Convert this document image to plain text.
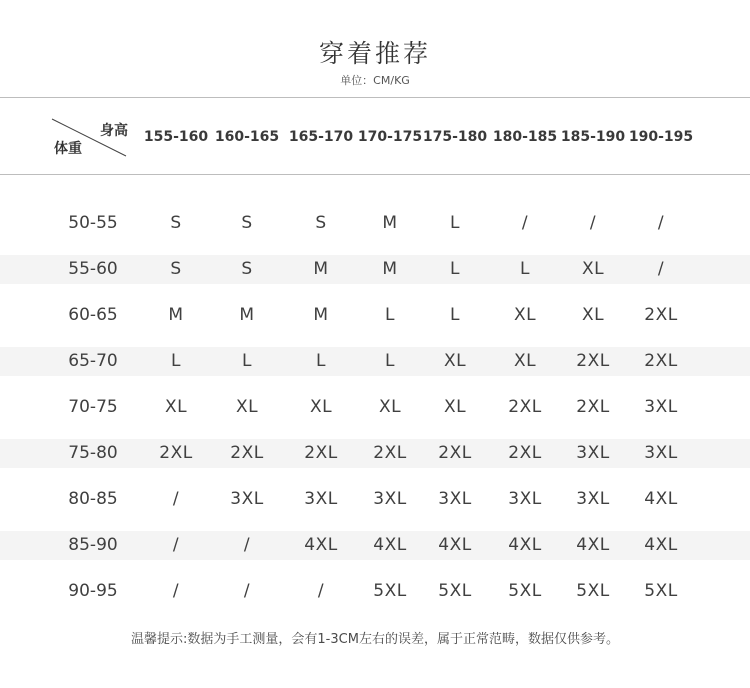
穿着推荐
单位：CM/KG
身高
体重
155-160 160-165 165-170 170-175 175-180 180-185 185-190 190-195
50-55	S	S	S	M	L	/	/	/
55-60	S	S	M	M	L	L	XL	/
60-65	M	M	M	L	L	XL	XL	2XL
65-70	L	L	L	L	XL	XL	2XL	2XL
70-75	XL	XL	XL	XL	XL	2XL	2XL	3XL
75-80	2XL	2XL	2XL	2XL	2XL	2XL	3XL	3XL
80-85	/	3XL	3XL	3XL	3XL	3XL	3XL	4XL
85-90	/	/	4XL	4XL	4XL	4XL	4XL	4XL
90-95	/	/	/	5XL	5XL	5XL	5XL	5XL
温馨提示:数据为手工测量，会有1-3CM左右的误差，属于正常范畴，数据仅供参考。
